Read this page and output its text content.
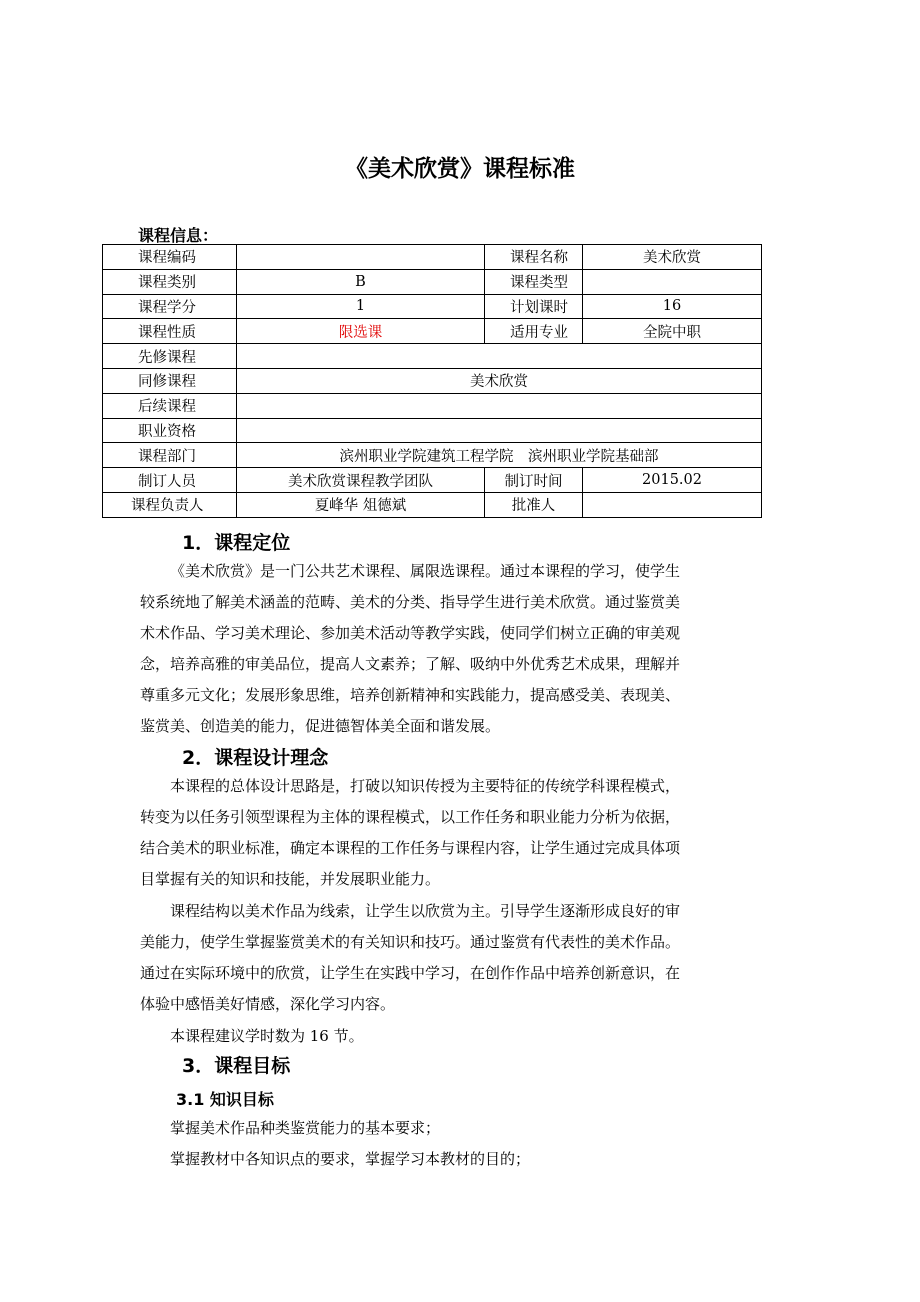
《美术欣赏》课程标准
课程信息：
课程编码		课程名称	美术欣赏
课程类别	B	课程类型	
课程学分	1	计划课时	16
课程性质	限选课	适用专业	全院中职
先修课程			
同修课程	美术欣赏		
后续课程			
职业资格			
课程部门	滨州职业学院建筑工程学院　滨州职业学院基础部		
制订人员	美术欣赏课程教学团队	制订时间	2015.02
课程负责人	夏峰华 俎德斌	批准人	
1．课程定位
《美术欣赏》是一门公共艺术课程、属限选课程。通过本课程的学习，使学生
较系统地了解美术涵盖的范畴、美术的分类、指导学生进行美术欣赏。通过鉴赏美
术术作品、学习美术理论、参加美术活动等教学实践，使同学们树立正确的审美观
念，培养高雅的审美品位，提高人文素养；了解、吸纳中外优秀艺术成果，理解并
尊重多元文化；发展形象思维，培养创新精神和实践能力，提高感受美、表现美、
鉴赏美、创造美的能力，促进德智体美全面和谐发展。
2．课程设计理念
本课程的总体设计思路是，打破以知识传授为主要特征的传统学科课程模式，
转变为以任务引领型课程为主体的课程模式，以工作任务和职业能力分析为依据，
结合美术的职业标准，确定本课程的工作任务与课程内容，让学生通过完成具体项
目掌握有关的知识和技能，并发展职业能力。
课程结构以美术作品为线索，让学生以欣赏为主。引导学生逐渐形成良好的审
美能力，使学生掌握鉴赏美术的有关知识和技巧。通过鉴赏有代表性的美术作品。
通过在实际环境中的欣赏，让学生在实践中学习，在创作作品中培养创新意识，在
体验中感悟美好情感，深化学习内容。
本课程建议学时数为 16 节。
3．课程目标
3.1 知识目标
掌握美术作品种类鉴赏能力的基本要求；
掌握教材中各知识点的要求，掌握学习本教材的目的；
